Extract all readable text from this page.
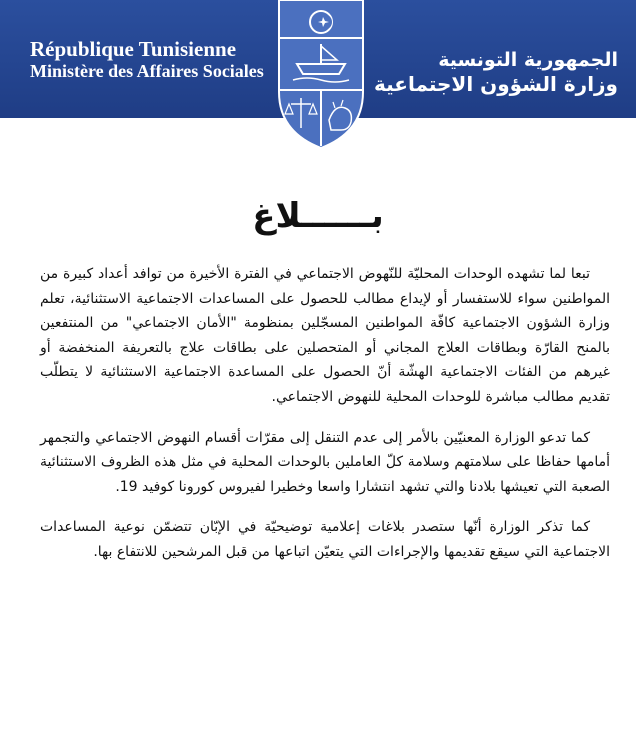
République Tunisienne
Ministère des Affaires Sociales	الجمهورية التونسية
وزارة الشؤون الاجتماعية
بــــــلاغ

تبعا لما تشهده الوحدات المحليّة للنّهوض الاجتماعي في الفترة الأخيرة من توافد أعداد كبيرة من المواطنين سواء للاستفسار أو لإيداع مطالب للحصول على المساعدات الاجتماعية الاستثنائية، تعلم وزارة الشؤون الاجتماعية كافّة المواطنين المسجّلين بمنظومة "الأمان الاجتماعي" من المنتفعين بالمنح القارّة وبطاقات العلاج المجاني أو المتحصلين على بطاقات علاج بالتعريفة المنخفضة أو غيرهم من الفئات الاجتماعية الهشّة أنّ الحصول على المساعدة الاجتماعية الاستثنائية لا يتطلّب تقديم مطالب مباشرة للوحدات المحلية للنهوض الاجتماعي.

كما تدعو الوزارة المعنيّين بالأمر إلى عدم التنقل إلى مقرّات أقسام النهوض الاجتماعي والتجمهر أمامها حفاظا على سلامتهم وسلامة كلّ العاملين بالوحدات المحلية في مثل هذه الظروف الاستثنائية الصعبة التي تعيشها بلادنا والتي تشهد انتشارا واسعا وخطيرا لفيروس كورونا كوفيد 19.

كما تذكر الوزارة أنّها ستصدر بلاغات إعلامية توضيحيّة في الإبّان تتضمّن نوعية المساعدات الاجتماعية التي سيقع تقديمها والإجراءات التي يتعيّن اتباعها من قبل المرشحين للانتفاع بها.
